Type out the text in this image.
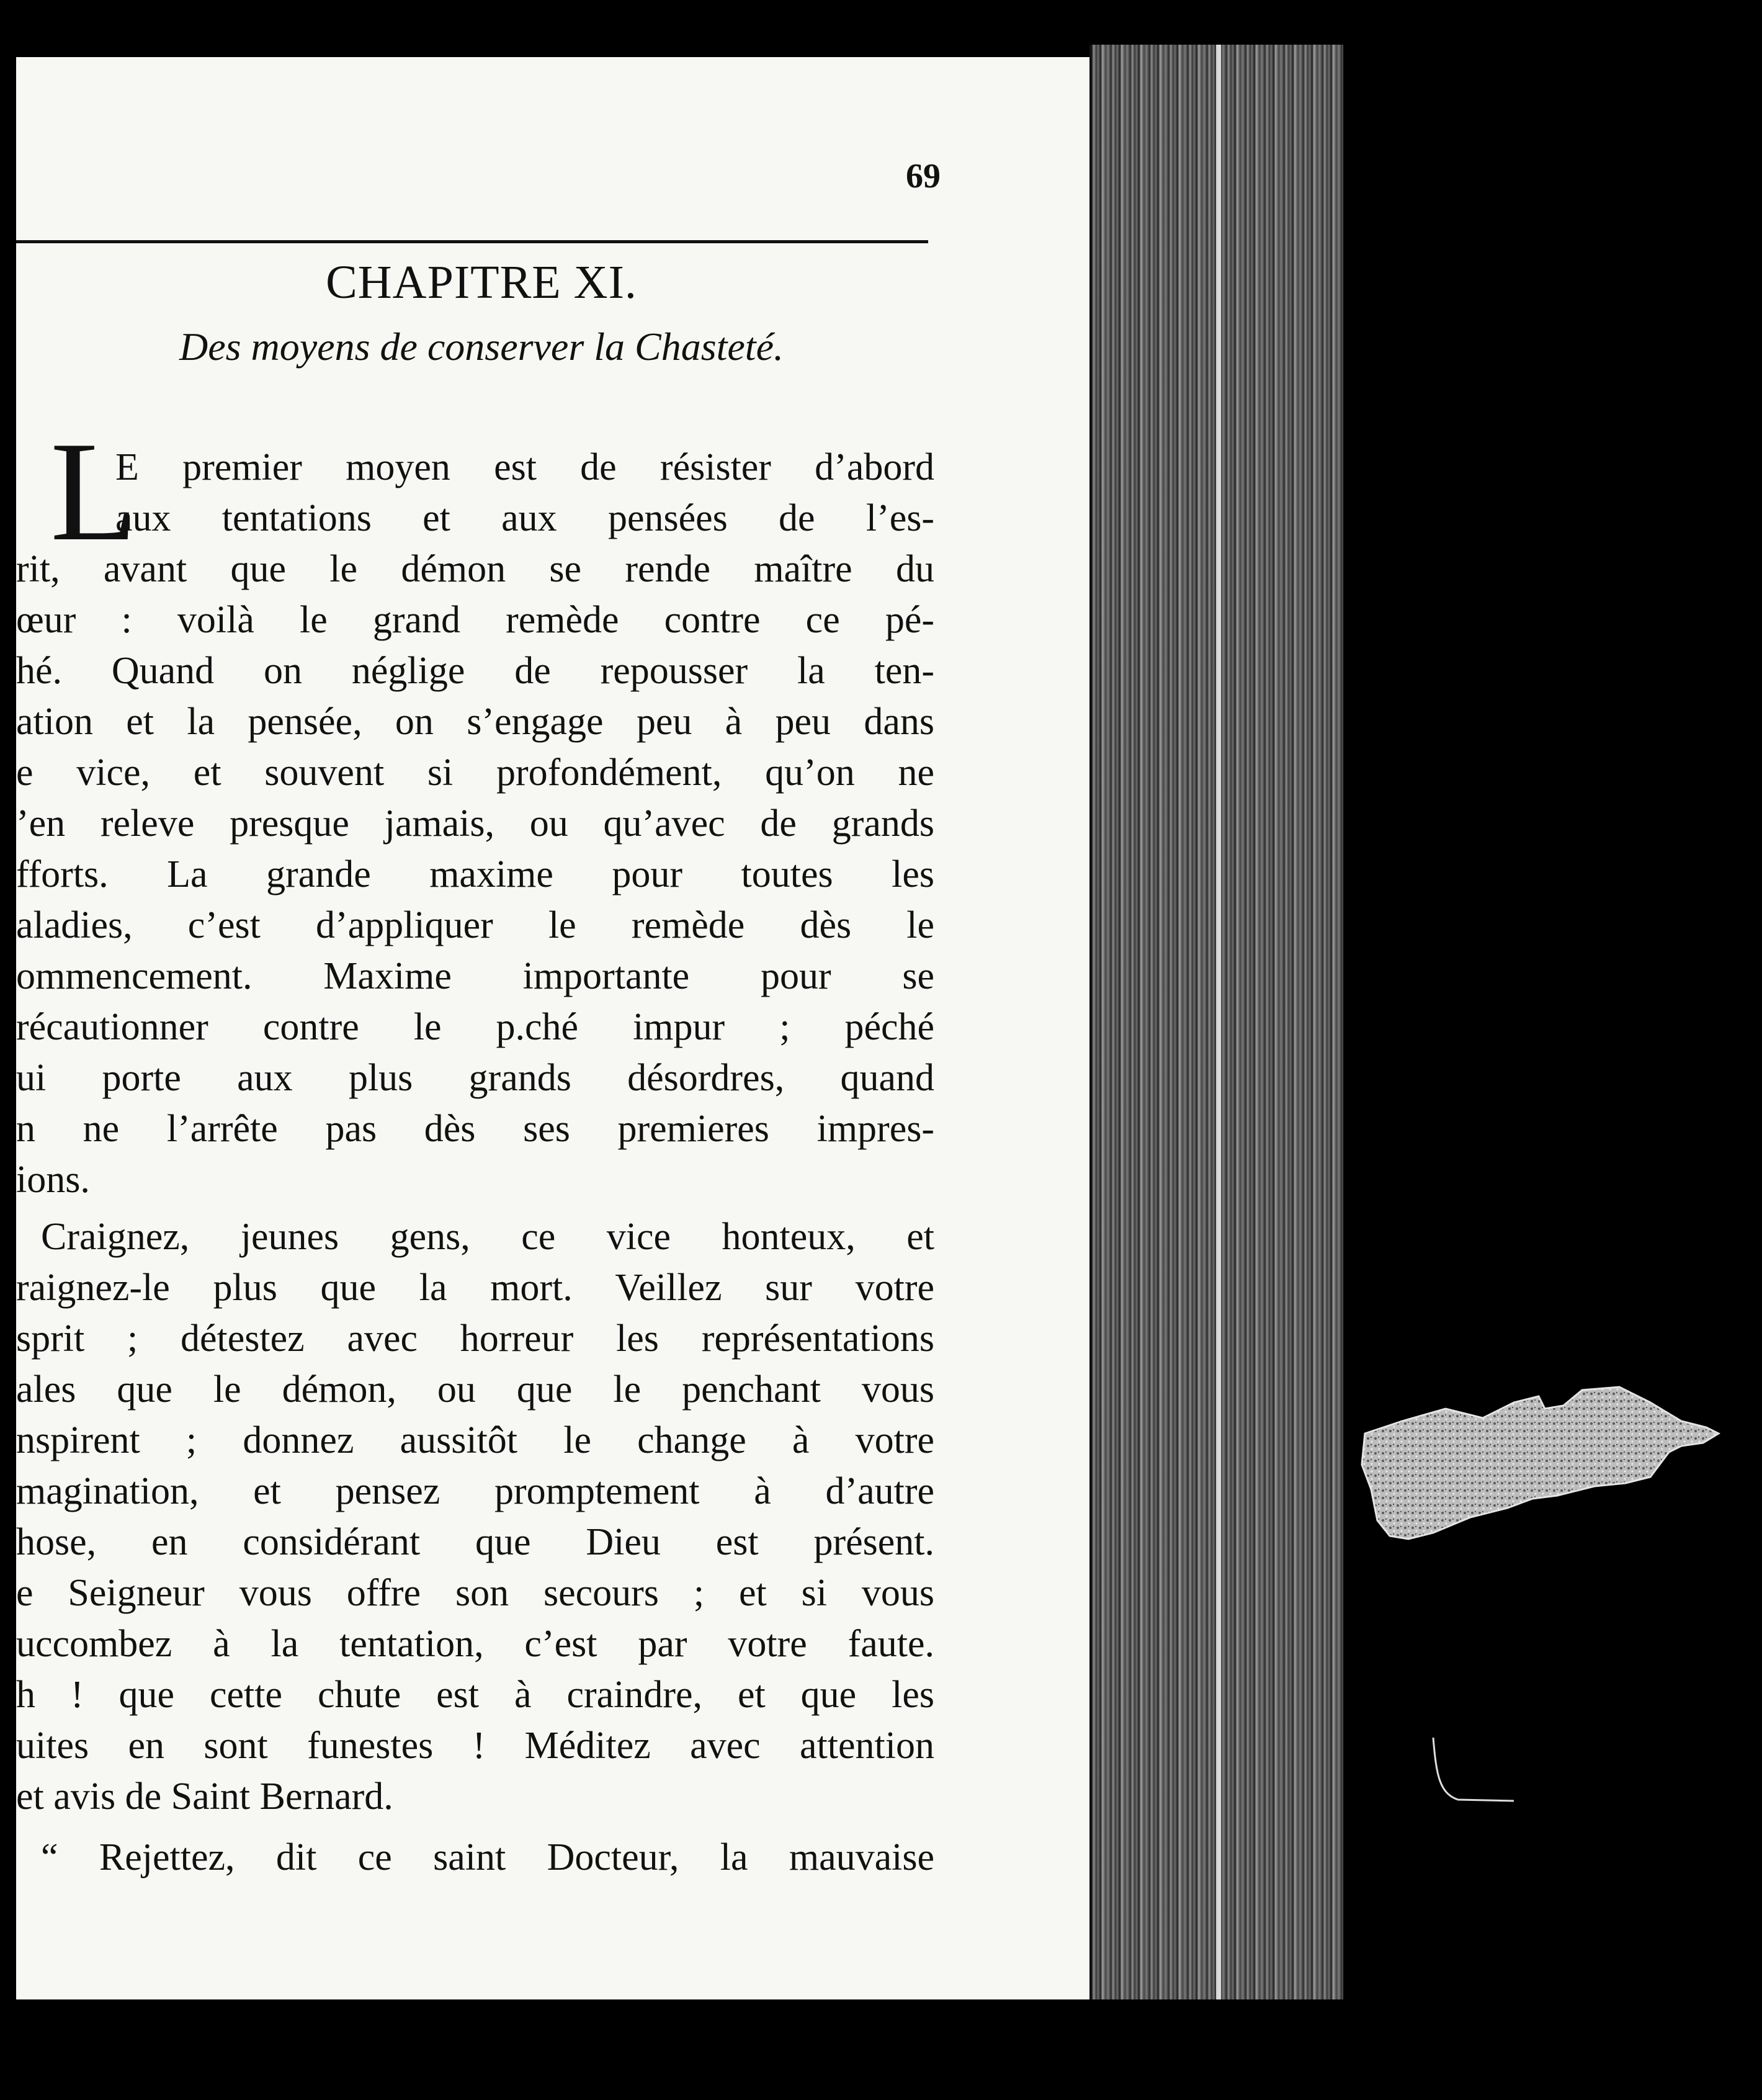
69
CHAPITRE XI.
Des moyens de conserver la Chasteté.
L
E premier moyen est de résister d’abord
aux tentations et aux pensées de l’es-
rit, avant que le démon se rende maître du
œur : voilà le grand remède contre ce pé-
hé. Quand on néglige de repousser la ten-
ation et la pensée, on s’engage peu à peu dans
e vice, et souvent si profondément, qu’on ne
’en releve presque jamais, ou qu’avec de grands
fforts. La grande maxime pour toutes les
aladies, c’est d’appliquer le remède dès le
ommencement. Maxime importante pour se
récautionner contre le p.ché impur ; péché
ui porte aux plus grands désordres, quand
n ne l’arrête pas dès ses premieres impres-
ions.
Craignez, jeunes gens, ce vice honteux, et
raignez-le plus que la mort. Veillez sur votre
sprit ; détestez avec horreur les représentations
ales que le démon, ou que le penchant vous
nspirent ; donnez aussitôt le change à votre
magination, et pensez promptement à d’autre
hose, en considérant que Dieu est présent.
e Seigneur vous offre son secours ; et si vous
uccombez à la tentation, c’est par votre faute.
h ! que cette chute est à craindre, et que les
uites en sont funestes ! Méditez avec attention
et avis de Saint Bernard.
“ Rejettez, dit ce saint Docteur, la mauvaise
